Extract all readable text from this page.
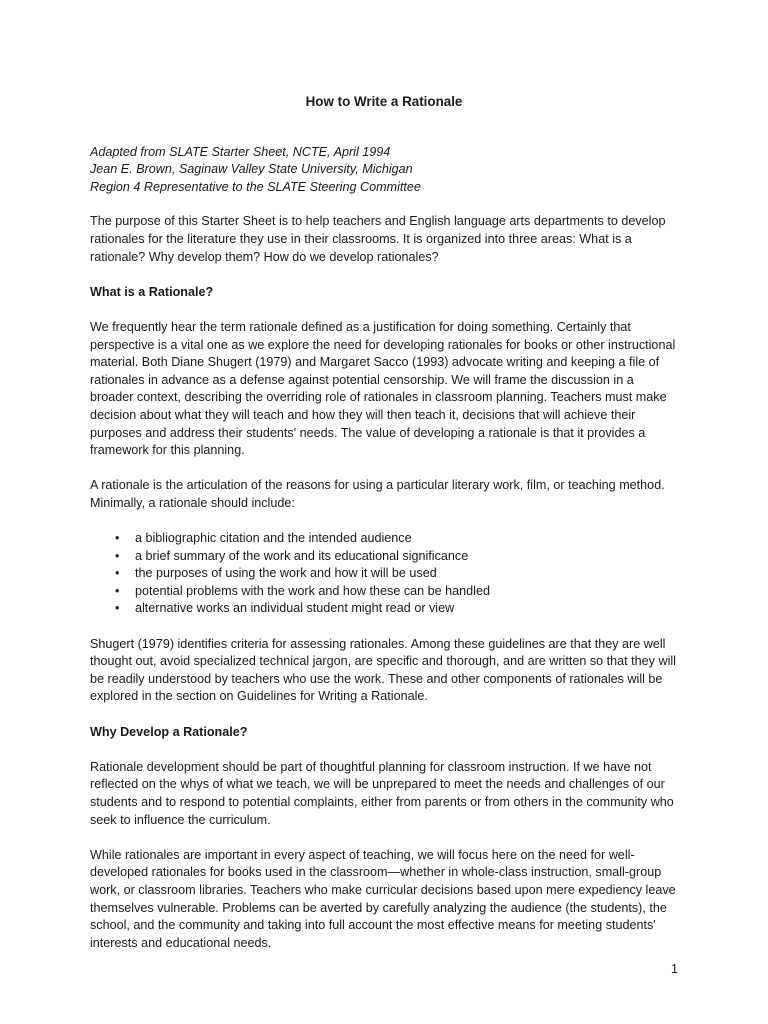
How to Write a Rationale
Adapted from SLATE Starter Sheet, NCTE, April 1994
Jean E. Brown, Saginaw Valley State University, Michigan
Region 4 Representative to the SLATE Steering Committee

The purpose of this Starter Sheet is to help teachers and English language arts departments to develop rationales for the literature they use in their classrooms. It is organized into three areas: What is a rationale? Why develop them? How do we develop rationales?

What is a Rationale?

We frequently hear the term rationale defined as a justification for doing something. Certainly that perspective is a vital one as we explore the need for developing rationales for books or other instructional material. Both Diane Shugert (1979) and Margaret Sacco (1993) advocate writing and keeping a file of rationales in advance as a defense against potential censorship. We will frame the discussion in a broader context, describing the overriding role of rationales in classroom planning. Teachers must make decision about what they will teach and how they will then teach it, decisions that will achieve their purposes and address their students' needs. The value of developing a rationale is that it provides a framework for this planning.

A rationale is the articulation of the reasons for using a particular literary work, film, or teaching method. Minimally, a rationale should include:

• a bibliographic citation and the intended audience
• a brief summary of the work and its educational significance
• the purposes of using the work and how it will be used
• potential problems with the work and how these can be handled
• alternative works an individual student might read or view

Shugert (1979) identifies criteria for assessing rationales. Among these guidelines are that they are well thought out, avoid specialized technical jargon, are specific and thorough, and are written so that they will be readily understood by teachers who use the work. These and other components of rationales will be explored in the section on Guidelines for Writing a Rationale.

Why Develop a Rationale?

Rationale development should be part of thoughtful planning for classroom instruction. If we have not reflected on the whys of what we teach, we will be unprepared to meet the needs and challenges of our students and to respond to potential complaints, either from parents or from others in the community who seek to influence the curriculum.

While rationales are important in every aspect of teaching, we will focus here on the need for well-developed rationales for books used in the classroom—whether in whole-class instruction, small-group work, or classroom libraries. Teachers who make curricular decisions based upon mere expediency leave themselves vulnerable. Problems can be averted by carefully analyzing the audience (the students), the school, and the community and taking into full account the most effective means for meeting students' interests and educational needs.

1
